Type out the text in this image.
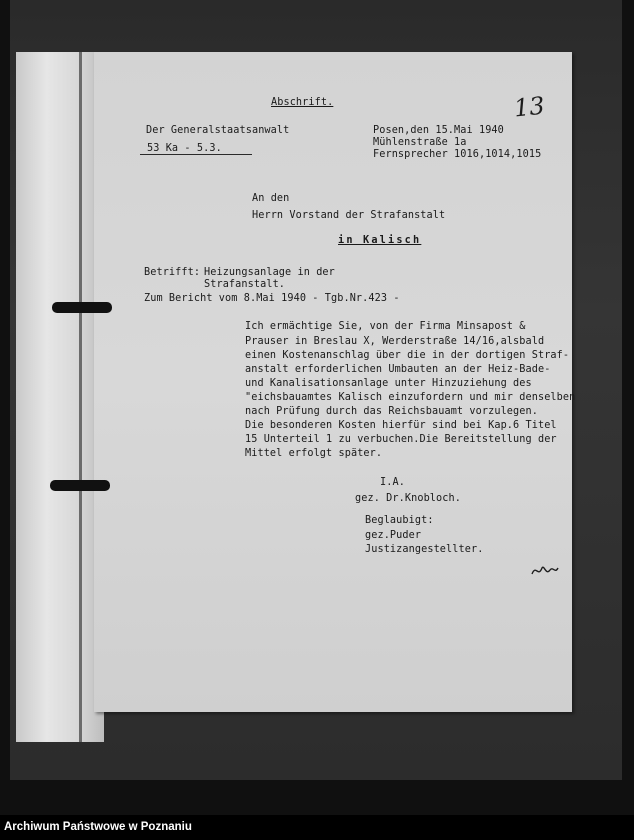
Abschrift.	13
Der Generalstaatsanwalt
53 Ka - 5.3.
Posen,den 15.Mai 1940
Mühlenstraße 1a
Fernsprecher 1016,1014,1015
An den
Herrn Vorstand der Strafanstalt
in Kalisch
Betrifft: Heizungsanlage in der
Strafanstalt.
Zum Bericht vom 8.Mai 1940 - Tgb.Nr.423 -
Ich ermächtige Sie, von der Firma Minsapost &
Prauser in Breslau X, Werderstraße 14/16,alsbald
einen Kostenanschlag über die in der dortigen Straf-
anstalt erforderlichen Umbauten an der Heiz-Bade-
und Kanalisationsanlage unter Hinzuziehung des
"eichsbauamtes Kalisch einzufordern und mir denselben
nach Prüfung durch das Reichsbauamt vorzulegen.
Die besonderen Kosten hierfür sind bei Kap.6 Titel
15 Unterteil 1 zu verbuchen.Die Bereitstellung der
Mittel erfolgt später.
I.A.
gez. Dr.Knobloch.
Beglaubigt:
gez.Puder
Justizangestellter.
Archiwum Państwowe w Poznaniu
